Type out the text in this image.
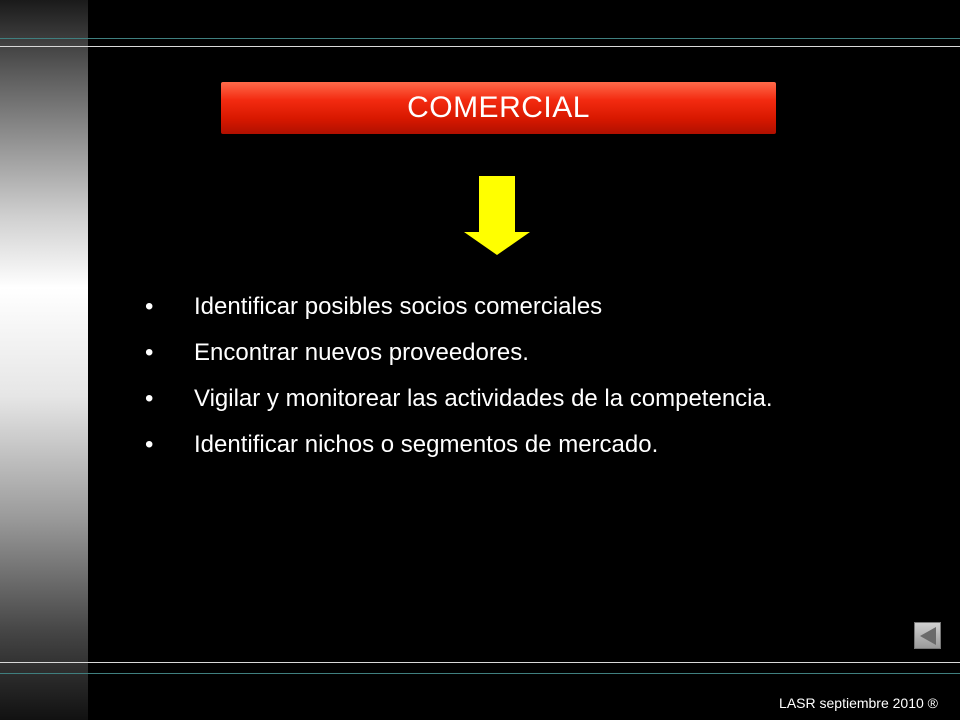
COMERCIAL
• Identificar posibles socios comerciales
• Encontrar nuevos proveedores.
• Vigilar y monitorear las actividades de la competencia.
• Identificar nichos o segmentos de mercado.
LASR septiembre 2010 ®
